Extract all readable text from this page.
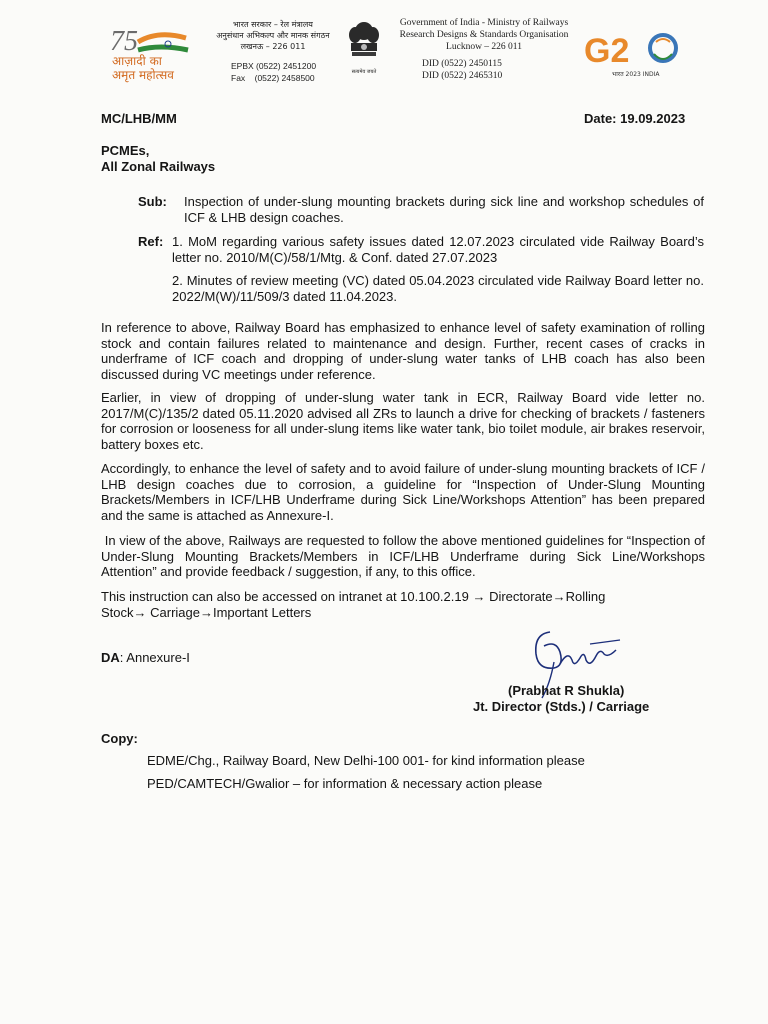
75
आज़ादी का
अमृत महोत्सव
भारत सरकार – रेल मंत्रालय
अनुसंधान अभिकल्प और मानक संगठन
लखनऊ – 226 011
EPBX (0522) 2451200
Fax    (0522) 2458500
सत्यमेव जयते
Government of India - Ministry of Railways
Research Designs & Standards Organisation
Lucknow – 226 011
DID (0522) 2450115
DID (0522) 2465310
G2
भारत 2023 INDIA
MC/LHB/MM	Date: 19.09.2023
PCMEs,
All Zonal Railways
Sub: Inspection of under-slung mounting brackets during sick line and workshop schedules of ICF & LHB design coaches.
Ref: 1. MoM regarding various safety issues dated 12.07.2023 circulated vide Railway Board’s letter no. 2010/M(C)/58/1/Mtg. & Conf. dated 27.07.2023
2. Minutes of review meeting (VC) dated 05.04.2023 circulated vide Railway Board letter no. 2022/M(W)/11/509/3 dated 11.04.2023.
In reference to above, Railway Board has emphasized to enhance level of safety examination of rolling stock and contain failures related to maintenance and design. Further, recent cases of cracks in underframe of ICF coach and dropping of under-slung water tanks of LHB coach has also been discussed during VC meetings under reference.
Earlier, in view of dropping of under-slung water tank in ECR, Railway Board vide letter no. 2017/M(C)/135/2 dated 05.11.2020 advised all ZRs to launch a drive for checking of brackets / fasteners for corrosion or looseness for all under-slung items like water tank, bio toilet module, air brakes reservoir, battery boxes etc.
Accordingly, to enhance the level of safety and to avoid failure of under-slung mounting brackets of ICF / LHB design coaches due to corrosion, a guideline for “Inspection of Under-Slung Mounting Brackets/Members in ICF/LHB Underframe during Sick Line/Workshops Attention” has been prepared and the same is attached as Annexure-I.
In view of the above, Railways are requested to follow the above mentioned guidelines for “Inspection of Under-Slung Mounting Brackets/Members in ICF/LHB Underframe during Sick Line/Workshops Attention” and provide feedback / suggestion, if any, to this office.
This instruction can also be accessed on intranet at 10.100.2.19 → Directorate→Rolling
Stock→ Carriage→Important Letters
DA: Annexure-I
(Prabhat R Shukla)
Jt. Director (Stds.) / Carriage
Copy:
EDME/Chg., Railway Board, New Delhi-100 001- for kind information please
PED/CAMTECH/Gwalior – for information & necessary action please
